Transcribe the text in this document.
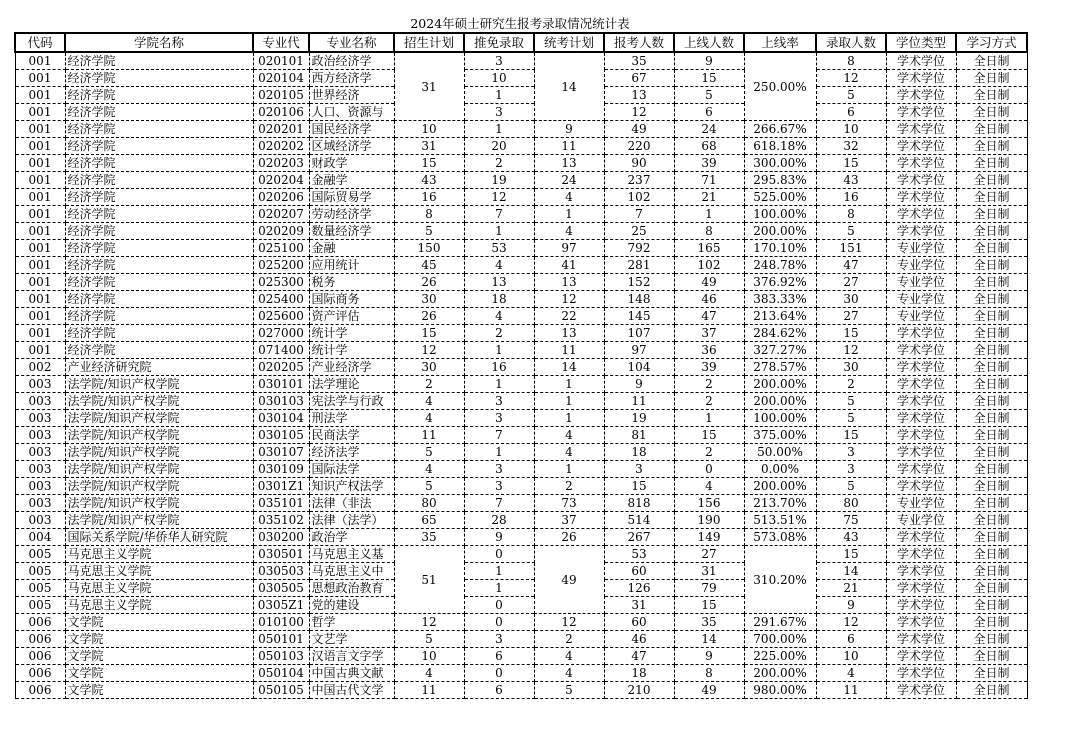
2024年硕士研究生报考录取情况统计表
代码	学院名称	专业代	专业名称	招生计划	推免录取	统考计划	报考人数	上线人数	上线率	录取人数	学位类型	学习方式
001	经济学院	020101	政治经济学	31	3	14	35	9	250.00%	8	学术学位	全日制
001	经济学院	020104	西方经济学		10		67	15		12	学术学位	全日制
001	经济学院	020105	世界经济		1		13	5		5	学术学位	全日制
001	经济学院	020106	人口、资源与		3		12	6		6	学术学位	全日制
001	经济学院	020201	国民经济学	10	1	9	49	24	266.67%	10	学术学位	全日制
001	经济学院	020202	区域经济学	31	20	11	220	68	618.18%	32	学术学位	全日制
001	经济学院	020203	财政学	15	2	13	90	39	300.00%	15	学术学位	全日制
001	经济学院	020204	金融学	43	19	24	237	71	295.83%	43	学术学位	全日制
001	经济学院	020206	国际贸易学	16	12	4	102	21	525.00%	16	学术学位	全日制
001	经济学院	020207	劳动经济学	8	7	1	7	1	100.00%	8	学术学位	全日制
001	经济学院	020209	数量经济学	5	1	4	25	8	200.00%	5	学术学位	全日制
001	经济学院	025100	金融	150	53	97	792	165	170.10%	151	专业学位	全日制
001	经济学院	025200	应用统计	45	4	41	281	102	248.78%	47	专业学位	全日制
001	经济学院	025300	税务	26	13	13	152	49	376.92%	27	专业学位	全日制
001	经济学院	025400	国际商务	30	18	12	148	46	383.33%	30	专业学位	全日制
001	经济学院	025600	资产评估	26	4	22	145	47	213.64%	27	专业学位	全日制
001	经济学院	027000	统计学	15	2	13	107	37	284.62%	15	学术学位	全日制
001	经济学院	071400	统计学	12	1	11	97	36	327.27%	12	学术学位	全日制
002	产业经济研究院	020205	产业经济学	30	16	14	104	39	278.57%	30	学术学位	全日制
003	法学院/知识产权学院	030101	法学理论	2	1	1	9	2	200.00%	2	学术学位	全日制
003	法学院/知识产权学院	030103	宪法学与行政	4	3	1	11	2	200.00%	5	学术学位	全日制
003	法学院/知识产权学院	030104	刑法学	4	3	1	19	1	100.00%	5	学术学位	全日制
003	法学院/知识产权学院	030105	民商法学	11	7	4	81	15	375.00%	15	学术学位	全日制
003	法学院/知识产权学院	030107	经济法学	5	1	4	18	2	50.00%	3	学术学位	全日制
003	法学院/知识产权学院	030109	国际法学	4	3	1	3	0	0.00%	3	学术学位	全日制
003	法学院/知识产权学院	0301Z1	知识产权法学	5	3	2	15	4	200.00%	5	学术学位	全日制
003	法学院/知识产权学院	035101	法律（非法	80	7	73	818	156	213.70%	80	专业学位	全日制
003	法学院/知识产权学院	035102	法律（法学）	65	28	37	514	190	513.51%	75	专业学位	全日制
004	国际关系学院/华侨华人研究院	030200	政治学	35	9	26	267	149	573.08%	43	学术学位	全日制
005	马克思主义学院	030501	马克思主义基	51	0	49	53	27	310.20%	15	学术学位	全日制
005	马克思主义学院	030503	马克思主义中		1		60	31		14	学术学位	全日制
005	马克思主义学院	030505	思想政治教育		1		126	79		21	学术学位	全日制
005	马克思主义学院	0305Z1	党的建设		0		31	15		9	学术学位	全日制
006	文学院	010100	哲学	12	0	12	60	35	291.67%	12	学术学位	全日制
006	文学院	050101	文艺学	5	3	2	46	14	700.00%	6	学术学位	全日制
006	文学院	050103	汉语言文字学	10	6	4	47	9	225.00%	10	学术学位	全日制
006	文学院	050104	中国古典文献	4	0	4	18	8	200.00%	4	学术学位	全日制
006	文学院	050105	中国古代文学	11	6	5	210	49	980.00%	11	学术学位	全日制
